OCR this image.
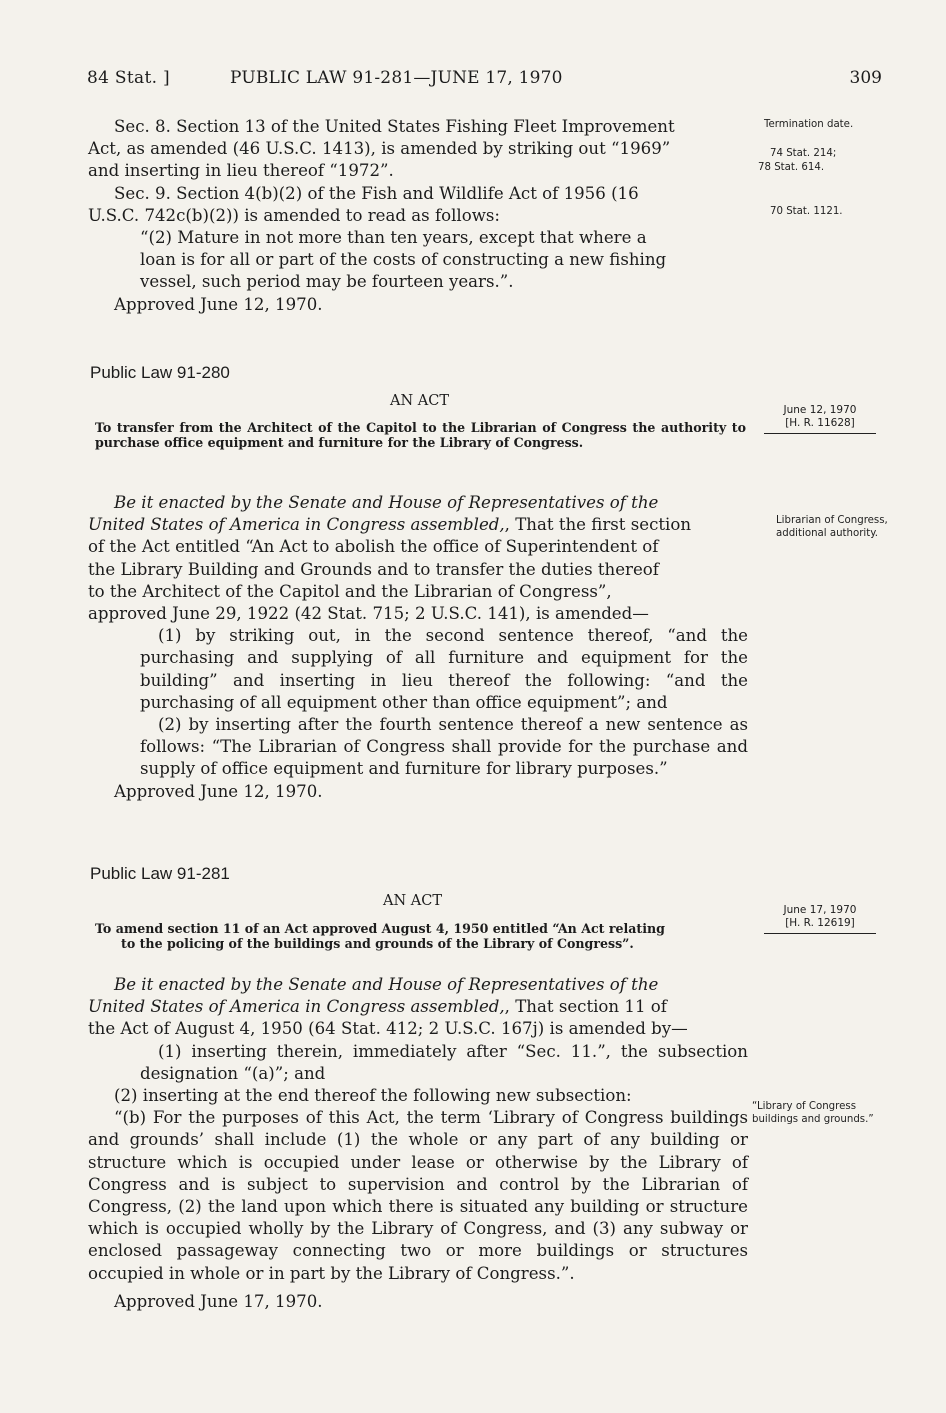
84 Stat. ]	PUBLIC LAW 91-281—JUNE 17, 1970	309

Sec. 8. Section 13 of the United States Fishing Fleet Improvement

Act, as amended (46 U.S.C. 1413), is amended by striking out “1969”

and inserting in lieu thereof “1972”.

Sec. 9. Section 4(b)(2) of the Fish and Wildlife Act of 1956 (16

U.S.C. 742c(b)(2)) is amended to read as follows:

“(2) Mature in not more than ten years, except that where a

loan is for all or part of the costs of constructing a new fishing

vessel, such period may be fourteen years.”.

Approved June 12, 1970.

Termination date.
74 Stat. 214;
78 Stat. 614.
70 Stat. 1121.
Public Law 91-280
AN ACT
June 12, 1970
[H. R. 11628]
To transfer from the Architect of the Capitol to the Librarian of Congress the authority to purchase office equipment and furniture for the Library of Congress.

Be it enacted by the Senate and House of Representatives of the

United States of America in Congress assembled,, That the first section

of the Act entitled “An Act to abolish the office of Superintendent of

the Library Building and Grounds and to transfer the duties thereof

to the Architect of the Capitol and the Librarian of Congress”,

approved June 29, 1922 (42 Stat. 715; 2 U.S.C. 141), is amended—

(1) by striking out, in the second sentence thereof, “and the purchasing and supplying of all furniture and equipment for the building” and inserting in lieu thereof the following: “and the purchasing of all equipment other than office equipment”; and

(2) by inserting after the fourth sentence thereof a new sentence as follows: “The Librarian of Congress shall provide for the purchase and supply of office equipment and furniture for library purposes.”

Approved June 12, 1970.

Librarian of Congress, additional authority.
Public Law 91-281
AN ACT
June 17, 1970
[H. R. 12619]
To amend section 11 of an Act approved August 4, 1950 entitled “An Act relating
to the policing of the buildings and grounds of the Library of Congress”.

Be it enacted by the Senate and House of Representatives of the

United States of America in Congress assembled,, That section 11 of

the Act of August 4, 1950 (64 Stat. 412; 2 U.S.C. 167j) is amended by—

(1) inserting therein, immediately after “Sec. 11.”, the subsection designation “(a)”; and

(2) inserting at the end thereof the following new subsection:

“(b) For the purposes of this Act, the term ‘Library of Congress buildings and grounds’ shall include (1) the whole or any part of any building or structure which is occupied under lease or otherwise by the Library of Congress and is subject to supervision and control by the Librarian of Congress, (2) the land upon which there is situated any building or structure which is occupied wholly by the Library of Congress, and (3) any subway or enclosed passageway connecting two or more buildings or structures occupied in whole or in part by the Library of Congress.”.

Approved June 17, 1970.

“Library of Congress buildings and grounds.”
